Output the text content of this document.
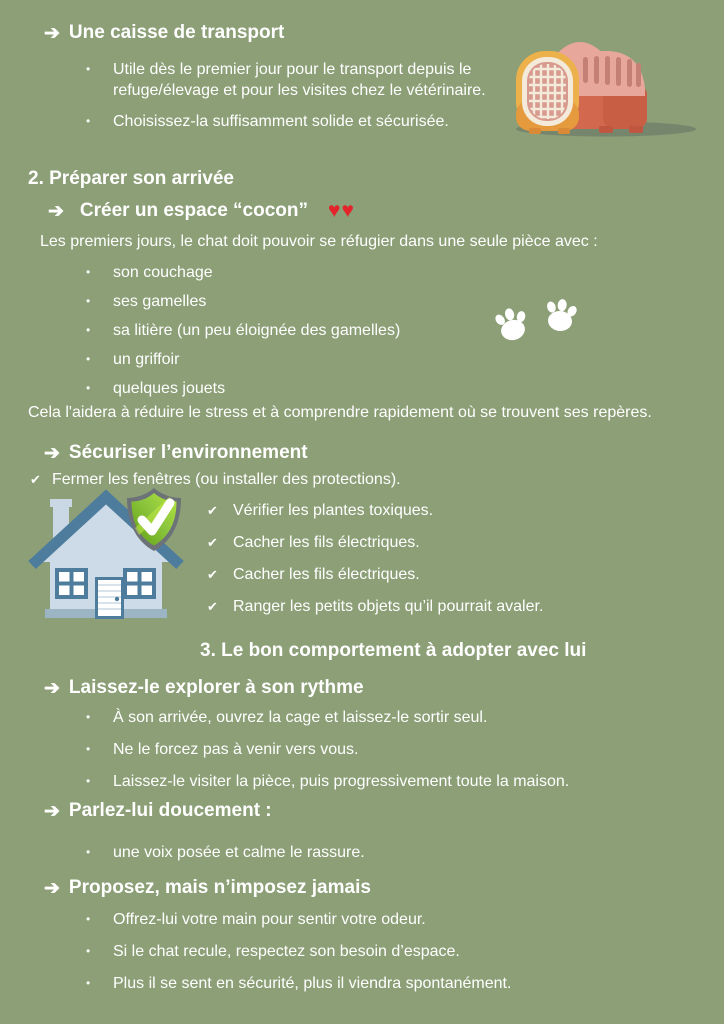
➔ Une caisse de transport
•	Utile dès le premier jour pour le transport depuis le refuge/élevage et pour les visites chez le vétérinaire.
•	Choisissez-la suffisamment solide et sécurisée.
2. Préparer son arrivée
➔ Créer un espace “cocon” ♥♥
Les premiers jours, le chat doit pouvoir se réfugier dans une seule pièce avec :
•	son couchage
•	ses gamelles
•	sa litière (un peu éloignée des gamelles)
•	un griffoir
•	quelques jouets
Cela l'aidera à réduire le stress et à comprendre rapidement où se trouvent ses repères.
➔ Sécuriser l’environnement
✔ Fermer les fenêtres (ou installer des protections).
✔ Vérifier les plantes toxiques.
✔ Cacher les fils électriques.
✔ Cacher les fils électriques.
✔ Ranger les petits objets qu’il pourrait avaler.
3. Le bon comportement à adopter avec lui
➔ Laissez-le explorer à son rythme
•	À son arrivée, ouvrez la cage et laissez-le sortir seul.
•	Ne le forcez pas à venir vers vous.
•	Laissez-le visiter la pièce, puis progressivement toute la maison.
➔ Parlez-lui doucement :
•	une voix posée et calme le rassure.
➔ Proposez, mais n’imposez jamais
•	Offrez-lui votre main pour sentir votre odeur.
•	Si le chat recule, respectez son besoin d’espace.
•	Plus il se sent en sécurité, plus il viendra spontanément.
